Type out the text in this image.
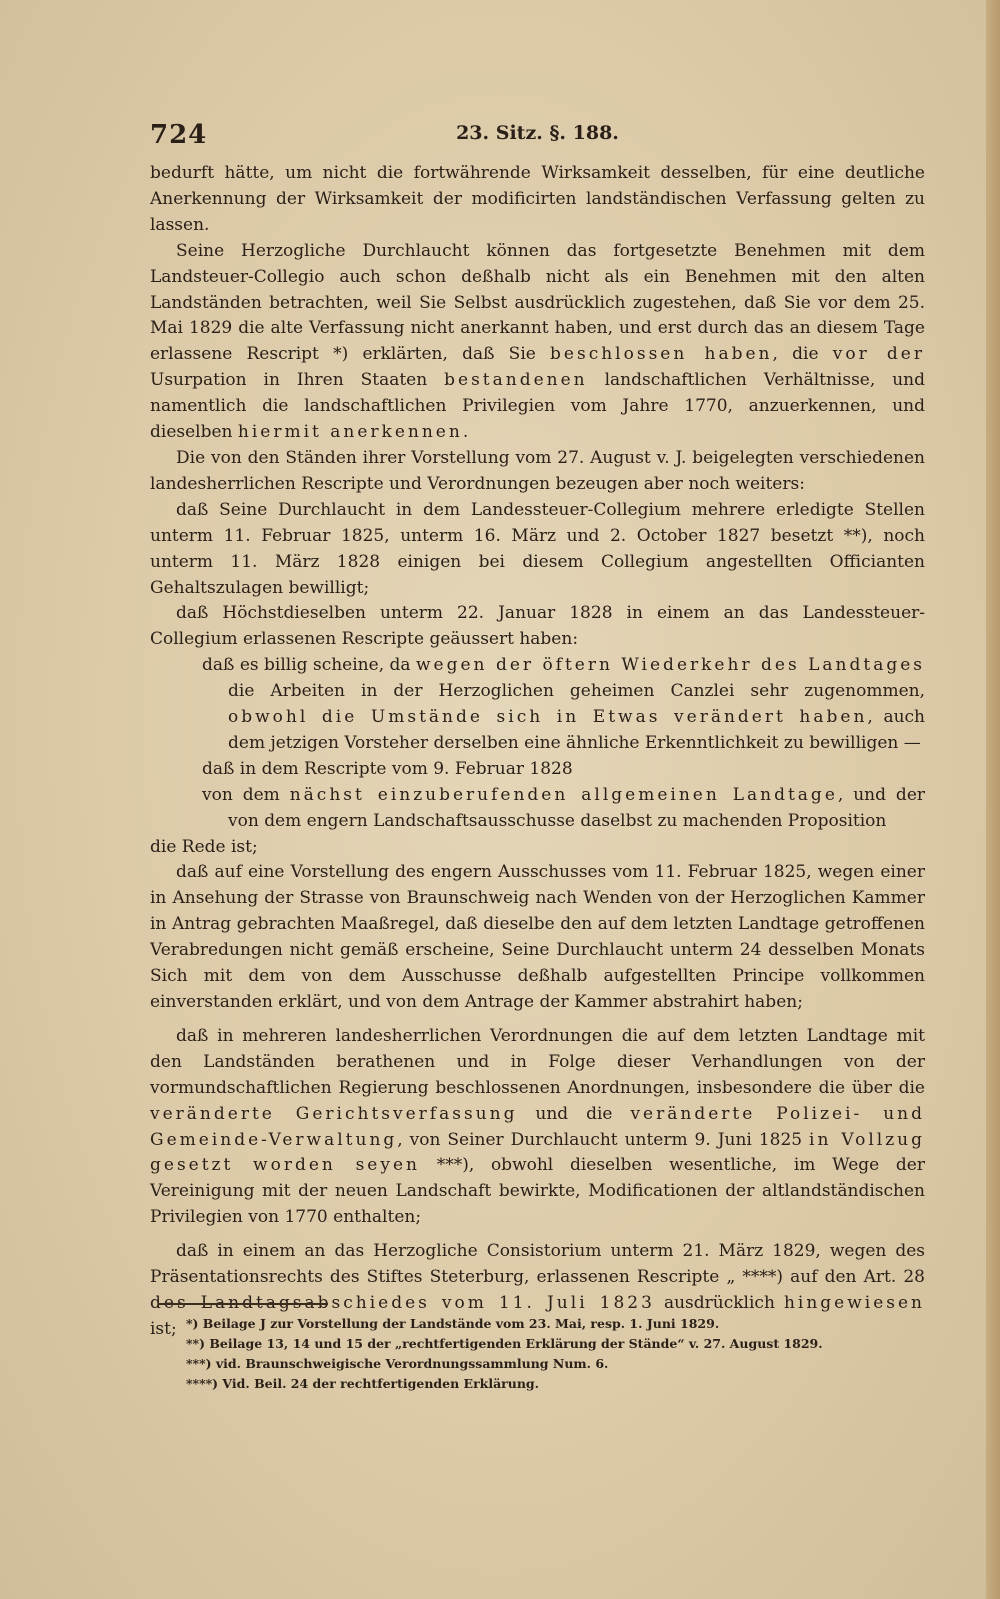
724	23. Sitz. §. 188.

bedurft hätte, um nicht die fortwährende Wirksamkeit desselben, für eine deutliche Anerkennung der Wirksamkeit der modificirten landständischen Verfassung gelten zu lassen.

Seine Herzogliche Durchlaucht können das fortgesetzte Benehmen mit dem Landsteuer-Collegio auch schon deßhalb nicht als ein Benehmen mit den alten Landständen betrachten, weil Sie Selbst ausdrücklich zugestehen, daß Sie vor dem 25. Mai 1829 die alte Verfassung nicht anerkannt haben, und erst durch das an diesem Tage erlassene Rescript *) erklärten, daß Sie beschlossen haben, die vor der Usurpation in Ihren Staaten bestandenen landschaftlichen Verhältnisse, und namentlich die landschaftlichen Privilegien vom Jahre 1770, anzuerkennen, und dieselben hiermit anerkennen.

Die von den Ständen ihrer Vorstellung vom 27. August v. J. beigelegten verschiedenen landesherrlichen Rescripte und Verordnungen bezeugen aber noch weiters:

daß Seine Durchlaucht in dem Landessteuer-Collegium mehrere erledigte Stellen unterm 11. Februar 1825, unterm 16. März und 2. October 1827 besetzt **), noch unterm 11. März 1828 einigen bei diesem Collegium angestellten Officianten Gehaltszulagen bewilligt;

daß Höchstdieselben unterm 22. Januar 1828 in einem an das Landessteuer-Collegium erlassenen Rescripte geäussert haben:

daß es billig scheine, da wegen der öftern Wiederkehr des Landtages die Arbeiten in der Herzoglichen geheimen Canzlei sehr zugenommen, obwohl die Umstände sich in Etwas verändert haben, auch dem jetzigen Vorsteher derselben eine ähnliche Erkenntlichkeit zu bewilligen —

daß in dem Rescripte vom 9. Februar 1828

von dem nächst einzuberufenden allgemeinen Landtage, und der von dem engern Landschaftsausschusse daselbst zu machenden Proposition

die Rede ist;

daß auf eine Vorstellung des engern Ausschusses vom 11. Februar 1825, wegen einer in Ansehung der Strasse von Braunschweig nach Wenden von der Herzoglichen Kammer in Antrag gebrachten Maaßregel, daß dieselbe den auf dem letzten Landtage getroffenen Verabredungen nicht gemäß erscheine, Seine Durchlaucht unterm 24 desselben Monats Sich mit dem von dem Ausschusse deßhalb aufgestellten Principe vollkommen einverstanden erklärt, und von dem Antrage der Kammer abstrahirt haben;

daß in mehreren landesherrlichen Verordnungen die auf dem letzten Landtage mit den Landständen berathenen und in Folge dieser Verhandlungen von der vormundschaftlichen Regierung beschlossenen Anordnungen, insbesondere die über die veränderte Gerichtsverfassung und die veränderte Polizei- und Gemeinde-Verwaltung, von Seiner Durchlaucht unterm 9. Juni 1825 in Vollzug gesetzt worden seyen ***), obwohl dieselben wesentliche, im Wege der Vereinigung mit der neuen Landschaft bewirkte, Modificationen der altlandständischen Privilegien von 1770 enthalten;

daß in einem an das Herzogliche Consistorium unterm 21. März 1829, wegen des Präsentationsrechts des Stiftes Steterburg, erlassenen Rescripte „ ****) auf den Art. 28 des Landtagsabschiedes vom 11. Juli 1823 ausdrücklich hingewiesen ist; *) Beilage J zur Vorstellung der Landstände vom 23. Mai, resp. 1. Juni 1829.

**) Beilage 13, 14 und 15 der „rechtfertigenden Erklärung der Stände“ v. 27. August 1829.

***) vid. Braunschweigische Verordnungssammlung Num. 6.

****) Vid. Beil. 24 der rechtfertigenden Erklärung.
